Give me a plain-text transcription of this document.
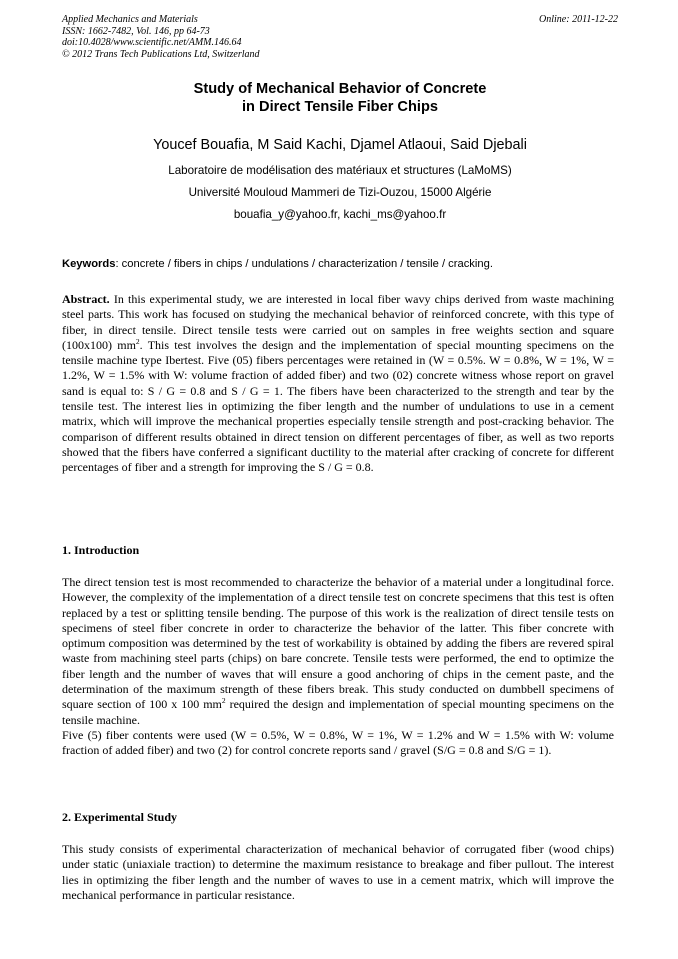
Applied Mechanics and Materials
ISSN: 1662-7482, Vol. 146, pp 64-73
doi:10.4028/www.scientific.net/AMM.146.64
© 2012 Trans Tech Publications Ltd, Switzerland
Online: 2011-12-22
Study of Mechanical Behavior of Concrete
in Direct Tensile Fiber Chips
Youcef Bouafia, M Said Kachi, Djamel Atlaoui, Said Djebali
Laboratoire de modélisation des matériaux et structures (LaMoMS)
Université Mouloud Mammeri de Tizi-Ouzou, 15000 Algérie
bouafia_y@yahoo.fr, kachi_ms@yahoo.fr
Keywords: concrete / fibers in chips / undulations / characterization / tensile / cracking.
Abstract. In this experimental study, we are interested in local fiber wavy chips derived from waste machining steel parts. This work has focused on studying the mechanical behavior of reinforced concrete, with this type of fiber, in direct tensile. Direct tensile tests were carried out on samples in free weights section and square (100x100) $mm^2$. This test involves the design and the implementation of special mounting specimens on the tensile machine type Ibertest. Five (05) fibers percentages were retained in (W = 0.5%. W = 0.8%, W = 1%, W = 1.2%, W = 1.5% with W: volume fraction of added fiber) and two (02) concrete witness whose report on gravel sand is equal to: S / G = 0.8 and S / G = 1. The fibers have been characterized to the strength and tear by the tensile test. The interest lies in optimizing the fiber length and the number of undulations to use in a cement matrix, which will improve the mechanical properties especially tensile strength and post-cracking behavior. The comparison of different results obtained in direct tension on different percentages of fiber, as well as two reports showed that the fibers have conferred a significant ductility to the material after cracking of concrete for different percentages of fiber and a strength for improving the S / G = 0.8.
1. Introduction
The direct tension test is most recommended to characterize the behavior of a material under a longitudinal force. However, the complexity of the implementation of a direct tensile test on concrete specimens that this test is often replaced by a test or splitting tensile bending. The purpose of this work is the realization of direct tensile tests on specimens of steel fiber concrete in order to characterize the behavior of the latter. This fiber concrete with optimum composition was determined by the test of workability is obtained by adding the fibers are revered spiral waste from machining steel parts (chips) on bare concrete. Tensile tests were performed, the end to optimize the fiber length and the number of waves that will ensure a good anchoring of chips in the cement paste, and the determination of the maximum strength of these fibers break. This study conducted on dumbbell specimens of square section of 100 x 100 $mm^2$ required the design and implementation of special mounting specimens on the tensile machine.
Five (5) fiber contents were used (W = 0.5%, W = 0.8%, W = 1%, W = 1.2% and W = 1.5% with W: volume fraction of added fiber) and two (2) for control concrete reports sand / gravel (S/G = 0.8 and S/G = 1).
2. Experimental Study
This study consists of experimental characterization of mechanical behavior of corrugated fiber (wood chips) under static (uniaxiale traction) to determine the maximum resistance to breakage and fiber pullout. The interest lies in optimizing the fiber length and the number of waves to use in a cement matrix, which will improve the mechanical performance in particular resistance.
